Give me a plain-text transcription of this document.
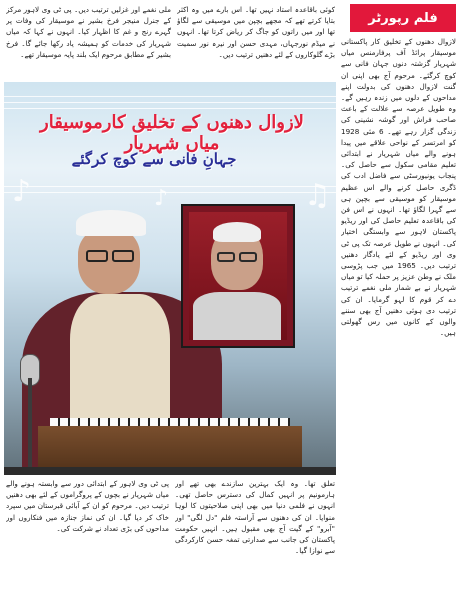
فلم رپورٹر

کوئی باقاعدہ استاد نہیں تھا۔ اس بارے میں وہ اکثر بتایا کرتے تھے کہ مجھے بچپن میں موسیقی سے لگاؤ تھا اور میں راتوں کو جاگ کر ریاض کرتا تھا۔ انہوں نے میڈم نورجہاں، مہدی حسن اور نیرہ نور سمیت بڑے گلوکاروں کے لئے دھنیں ترتیب دیں۔

ملی نغمے اور غزلیں ترتیب دیں۔ پی ٹی وی لاہور مرکز کے جنرل منیجر فرخ بشیر نے موسیقار کی وفات پر گہرے رنج و غم کا اظہار کیا۔ انہوں نے کہا کہ میاں شہریار کی خدمات کو ہمیشہ یاد رکھا جائے گا۔ فرخ بشیر کے مطابق مرحوم ایک بلند پایہ موسیقار تھے۔

لازوال دھنوں کے تخلیق کار پاکستانی موسیقار پرائڈ آف پرفارمنس میاں شہریار گزشتہ دنوں جہان فانی سے کوچ کرگئے۔ مرحوم آج بھی اپنی ان گنت لازوال دھنوں کی بدولت اپنے مداحوں کے دلوں میں زندہ رہیں گے۔ وہ طویل عرصہ سے علالت کے باعث صاحب فراش اور گوشہ نشینی کی زندگی گزار رہے تھے۔ 6 مئی 1928 کو امرتسر کے نواحی علاقے میں پیدا ہونے والے میاں شہریار نے ابتدائی تعلیم مقامی سکول سے حاصل کی۔ پنجاب یونیورسٹی سے فاضل ادب کی ڈگری حاصل کرنے والے اس عظیم موسیقار کو موسیقی سے بچپن ہی سے گہرا لگاؤ تھا۔ انہوں نے اس فن کی باقاعدہ تعلیم حاصل کی اور ریڈیو پاکستان لاہور سے وابستگی اختیار کی۔ انہوں نے طویل عرصہ تک پی ٹی وی اور ریڈیو کے لئے یادگار دھنیں ترتیب دیں۔ 1965 میں جب پڑوسی ملک نے وطن عزیز پر حملہ کیا تو میاں شہریار نے بے شمار ملی نغمے ترتیب دے کر قوم کا لہو گرمایا۔ ان کی ترتیب دی ہوئی دھنیں آج بھی سننے والوں کے کانوں میں رس گھولتی ہیں۔

♪	♫
♪
لازوال دھنوں کے تخلیق کارموسیقار میاں شہریار
جہانِ فانی سے کوچ کرگئے

تعلق تھا۔ وہ ایک بہترین سازندے بھی تھے اور ہارمونیم پر انہیں کمال کی دسترس حاصل تھی۔ انہوں نے فلمی دنیا میں بھی اپنی صلاحیتوں کا لوہا منوایا۔ ان کی دھنوں سے آراستہ فلم "دل لگی" اور "آبرو" کے گیت آج بھی مقبول ہیں۔ انہیں حکومت پاکستان کی جانب سے صدارتی تمغہ حسن کارکردگی سے نوازا گیا۔

پی ٹی وی لاہور کے ابتدائی دور سے وابستہ ہونے والے میاں شہریار نے بچوں کے پروگراموں کے لئے بھی دھنیں ترتیب دیں۔ مرحوم کو ان کے آبائی قبرستان میں سپرد خاک کر دیا گیا۔ ان کی نماز جنازہ میں فنکاروں اور مداحوں کی بڑی تعداد نے شرکت کی۔
